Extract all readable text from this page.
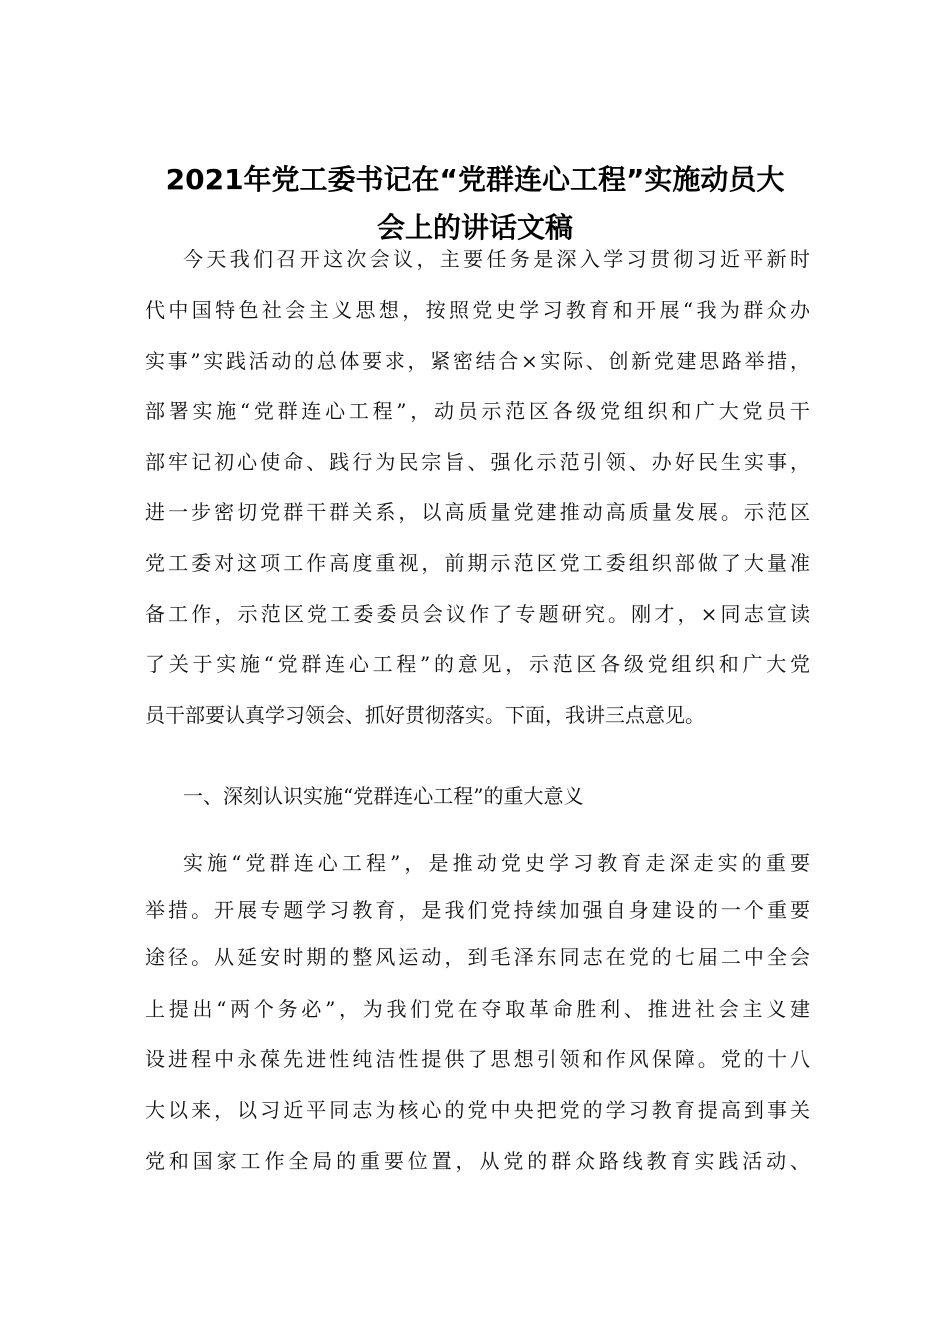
2021年党工委书记在“党群连心工程”实施动员大
会上的讲话文稿
今天我们召开这次会议，主要任务是深入学习贯彻习近平新时
代中国特色社会主义思想，按照党史学习教育和开展“我为群众办
实事”实践活动的总体要求，紧密结合×实际、创新党建思路举措，
部署实施“党群连心工程”，动员示范区各级党组织和广大党员干
部牢记初心使命、践行为民宗旨、强化示范引领、办好民生实事，
进一步密切党群干群关系，以高质量党建推动高质量发展。示范区
党工委对这项工作高度重视，前期示范区党工委组织部做了大量准
备工作，示范区党工委委员会议作了专题研究。刚才，×同志宣读
了关于实施“党群连心工程”的意见，示范区各级党组织和广大党
员干部要认真学习领会、抓好贯彻落实。下面，我讲三点意见。
一、深刻认识实施“党群连心工程”的重大意义
实施“党群连心工程”，是推动党史学习教育走深走实的重要
举措。开展专题学习教育，是我们党持续加强自身建设的一个重要
途径。从延安时期的整风运动，到毛泽东同志在党的七届二中全会
上提出“两个务必”，为我们党在夺取革命胜利、推进社会主义建
设进程中永葆先进性纯洁性提供了思想引领和作风保障。党的十八
大以来，以习近平同志为核心的党中央把党的学习教育提高到事关
党和国家工作全局的重要位置，从党的群众路线教育实践活动、
